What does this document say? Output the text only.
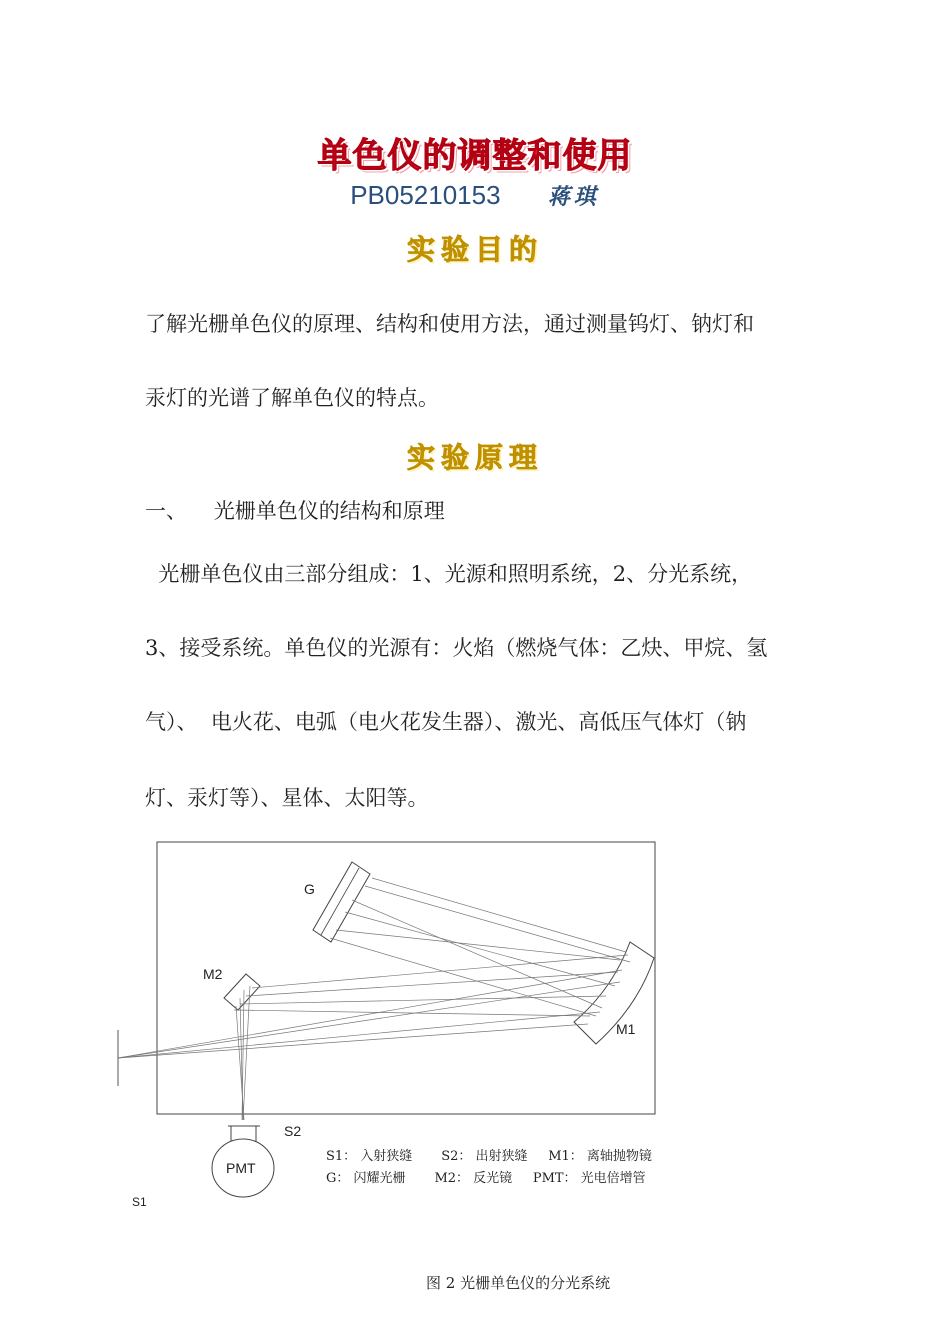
单色仪的调整和使用
PB05210153 蒋琪
实验目的
了解光栅单色仪的原理、结构和使用方法，通过测量钨灯、钠灯和
汞灯的光谱了解单色仪的特点。
实验原理
一、    光栅单色仪的结构和原理
光栅单色仪由三部分组成：1、光源和照明系统，2、分光系统，
3、接受系统。单色仪的光源有：火焰（燃烧气体：乙炔、甲烷、氢
气）、  电火花、电弧（电火花发生器）、激光、高低压气体灯（钠
灯、汞灯等）、星体、太阳等。
G
M1
M2
S2
PMT
S1
S1： 入射狭缝       S2： 出射狭缝     M1： 离轴抛物镜
G： 闪耀光栅       M2： 反光镜     PMT： 光电倍增管
图 2 光栅单色仪的分光系统
